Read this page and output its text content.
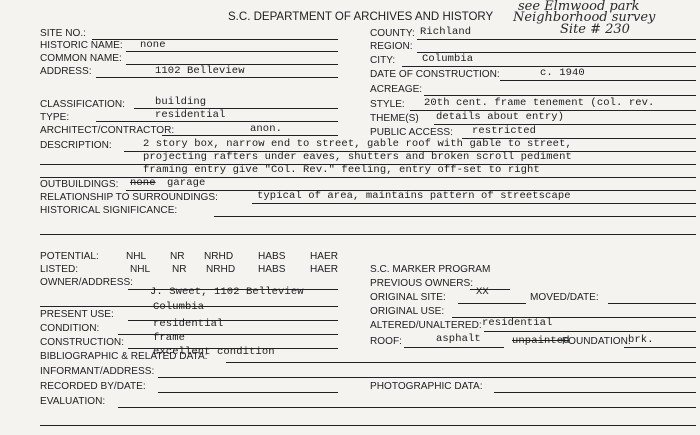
S.C. DEPARTMENT OF ARCHIVES AND HISTORY
see Elmwood park
Neighborhood survey
Site # 230
SITE NO.:
HISTORIC NAME: none
COMMON NAME:
ADDRESS:	1102 Belleview
CLASSIFICATION:	building
TYPE:	residential
ARCHITECT/CONTRACTOR:	anon.
COUNTY: Richland
REGION:
CITY:	Columbia
DATE OF CONSTRUCTION:	c. 1940
ACREAGE:
STYLE: 20th cent. frame tenement (col. rev.
THEME(S) details about entry)
PUBLIC ACCESS: restricted
DESCRIPTION:	2 story box, narrow end to street, gable roof with gable to street,
projecting rafters under eaves, shutters and broken scroll pediment
framing entry give "Col. Rev." feeling, entry off-set to right
OUTBUILDINGS: none garage
RELATIONSHIP TO SURROUNDINGS:	typical of area, maintains pattern of streetscape
HISTORICAL SIGNIFICANCE:
POTENTIAL:	NHL NR NRHD HABS HAER
LISTED:	NHL NR NRHD HABS HAER
OWNER/ADDRESS:
J. Sweet, 1102 Belleview
Columbia
S.C. MARKER PROGRAM
PREVIOUS OWNERS:
ORIGINAL SITE:	XX	MOVED/DATE:
ORIGINAL USE:
ALTERED/UNALTERED: residential
ROOF:	asphalt	unpainted
FOUNDATION:
brk.
PRESENT USE:
residential
CONDITION:
excellent condition
CONSTRUCTION:	frame
BIBLIOGRAPHIC & RELATED DATA:
INFORMANT/ADDRESS:
RECORDED BY/DATE:	PHOTOGRAPHIC DATA:
EVALUATION:
